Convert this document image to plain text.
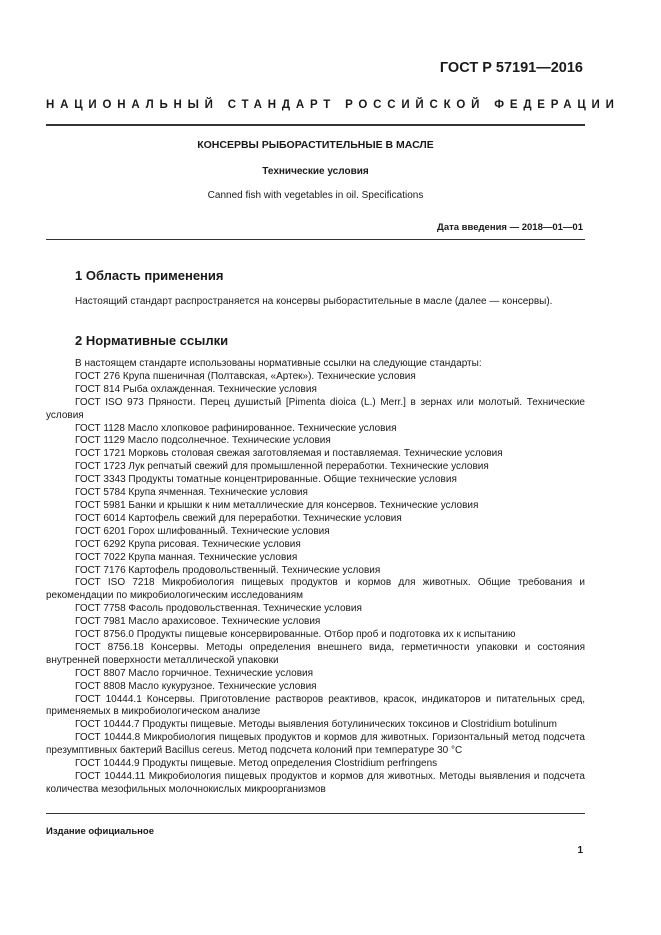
ГОСТ Р 57191—2016
НАЦИОНАЛЬНЫЙ СТАНДАРТ РОССИЙСКОЙ ФЕДЕРАЦИИ
КОНСЕРВЫ РЫБОРАСТИТЕЛЬНЫЕ В МАСЛЕ
Технические условия
Canned fish with vegetables in oil. Specifications
Дата введения — 2018—01—01
1 Область применения
Настоящий стандарт распространяется на консервы рыборастительные в масле (далее — консервы).
2 Нормативные ссылки
В настоящем стандарте использованы нормативные ссылки на следующие стандарты:
ГОСТ 276 Крупа пшеничная (Полтавская, «Артек»). Технические условия
ГОСТ 814 Рыба охлажденная. Технические условия
ГОСТ ISO 973 Пряности. Перец душистый [Pimenta dioica (L.) Merr.] в зернах или молотый. Технические условия
ГОСТ 1128 Масло хлопковое рафинированное. Технические условия
ГОСТ 1129 Масло подсолнечное. Технические условия
ГОСТ 1721 Морковь столовая свежая заготовляемая и поставляемая. Технические условия
ГОСТ 1723 Лук репчатый свежий для промышленной переработки. Технические условия
ГОСТ 3343 Продукты томатные концентрированные. Общие технические условия
ГОСТ 5784 Крупа ячменная. Технические условия
ГОСТ 5981 Банки и крышки к ним металлические для консервов. Технические условия
ГОСТ 6014 Картофель свежий для переработки. Технические условия
ГОСТ 6201 Горох шлифованный. Технические условия
ГОСТ 6292 Крупа рисовая. Технические условия
ГОСТ 7022 Крупа манная. Технические условия
ГОСТ 7176 Картофель продовольственный. Технические условия
ГОСТ ISO 7218 Микробиология пищевых продуктов и кормов для животных. Общие требования и рекомендации по микробиологическим исследованиям
ГОСТ 7758 Фасоль продовольственная. Технические условия
ГОСТ 7981 Масло арахисовое. Технические условия
ГОСТ 8756.0 Продукты пищевые консервированные. Отбор проб и подготовка их к испытанию
ГОСТ 8756.18 Консервы. Методы определения внешнего вида, герметичности упаковки и состояния внутренней поверхности металлической упаковки
ГОСТ 8807 Масло горчичное. Технические условия
ГОСТ 8808 Масло кукурузное. Технические условия
ГОСТ 10444.1 Консервы. Приготовление растворов реактивов, красок, индикаторов и питательных сред, применяемых в микробиологическом анализе
ГОСТ 10444.7 Продукты пищевые. Методы выявления ботулинических токсинов и Clostridium botulinum
ГОСТ 10444.8 Микробиология пищевых продуктов и кормов для животных. Горизонтальный метод подсчета презумптивных бактерий Bacillus cereus. Метод подсчета колоний при температуре 30 °С
ГОСТ 10444.9 Продукты пищевые. Метод определения Clostridium perfringens
ГОСТ 10444.11 Микробиология пищевых продуктов и кормов для животных. Методы выявления и подсчета количества мезофильных молочнокислых микроорганизмов
Издание официальное
1
